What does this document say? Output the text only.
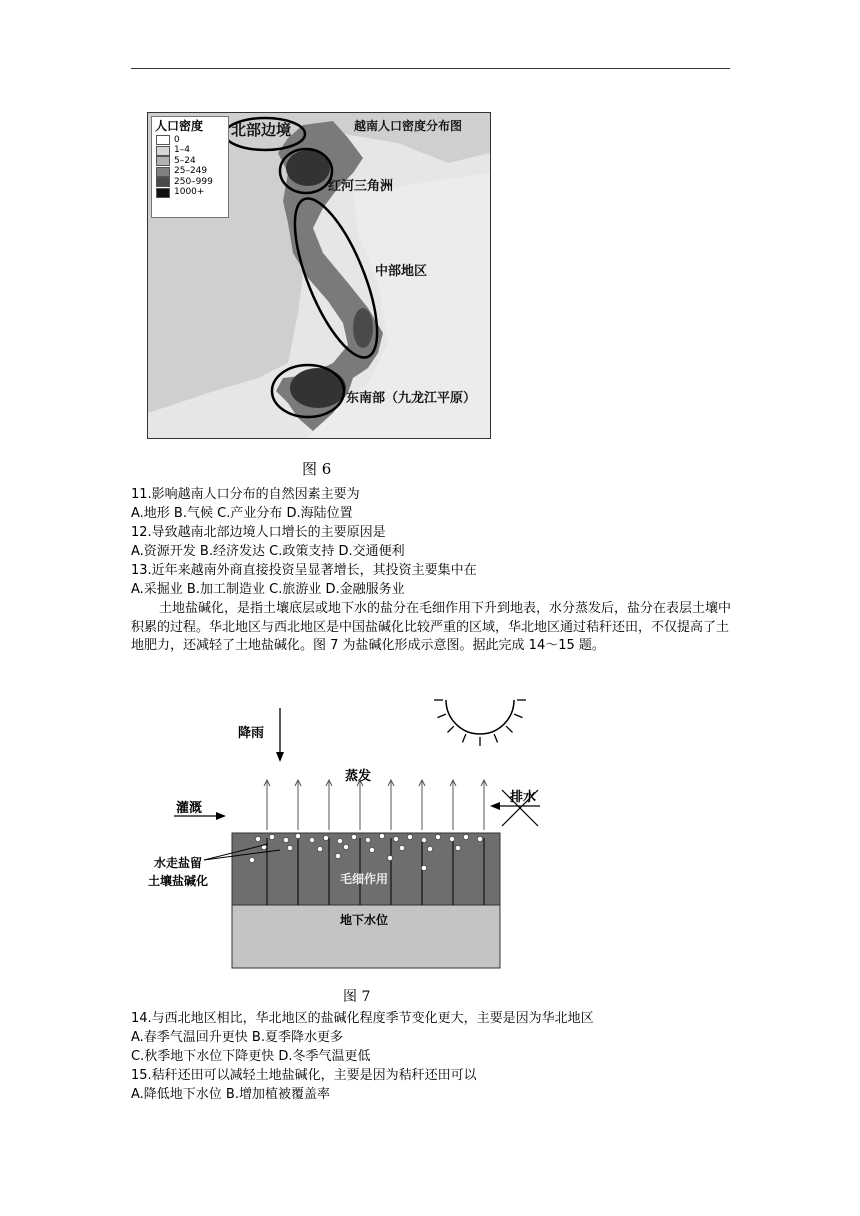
人口密度
0
1–4
5–24
25–249
250–999
1000+
北部边境	越南人口密度分布图
红河三角洲
中部地区
东南部（九龙江平原）
图 6
11.影响越南人口分布的自然因素主要为
A.地形 B.气候 C.产业分布 D.海陆位置
12.导致越南北部边境人口增长的主要原因是
A.资源开发 B.经济发达 C.政策支持 D.交通便利
13.近年来越南外商直接投资呈显著增长，其投资主要集中在
A.采掘业 B.加工制造业 C.旅游业 D.金融服务业
土地盐碱化，是指土壤底层或地下水的盐分在毛细作用下升到地表，水分蒸发后，盐分在表层土壤中积累的过程。华北地区与西北地区是中国盐碱化比较严重的区域，华北地区通过秸秆还田，不仅提高了土地肥力，还减轻了土地盐碱化。图 7 为盐碱化形成示意图。据此完成 14～15 题。
降雨
蒸发
灌溉
排水
水走盐留
土壤盐碱化	毛细作用
地下水位
图 7
14.与西北地区相比，华北地区的盐碱化程度季节变化更大，主要是因为华北地区
A.春季气温回升更快 B.夏季降水更多
C.秋季地下水位下降更快 D.冬季气温更低
15.秸秆还田可以减轻土地盐碱化，主要是因为秸秆还田可以
A.降低地下水位 B.增加植被覆盖率
